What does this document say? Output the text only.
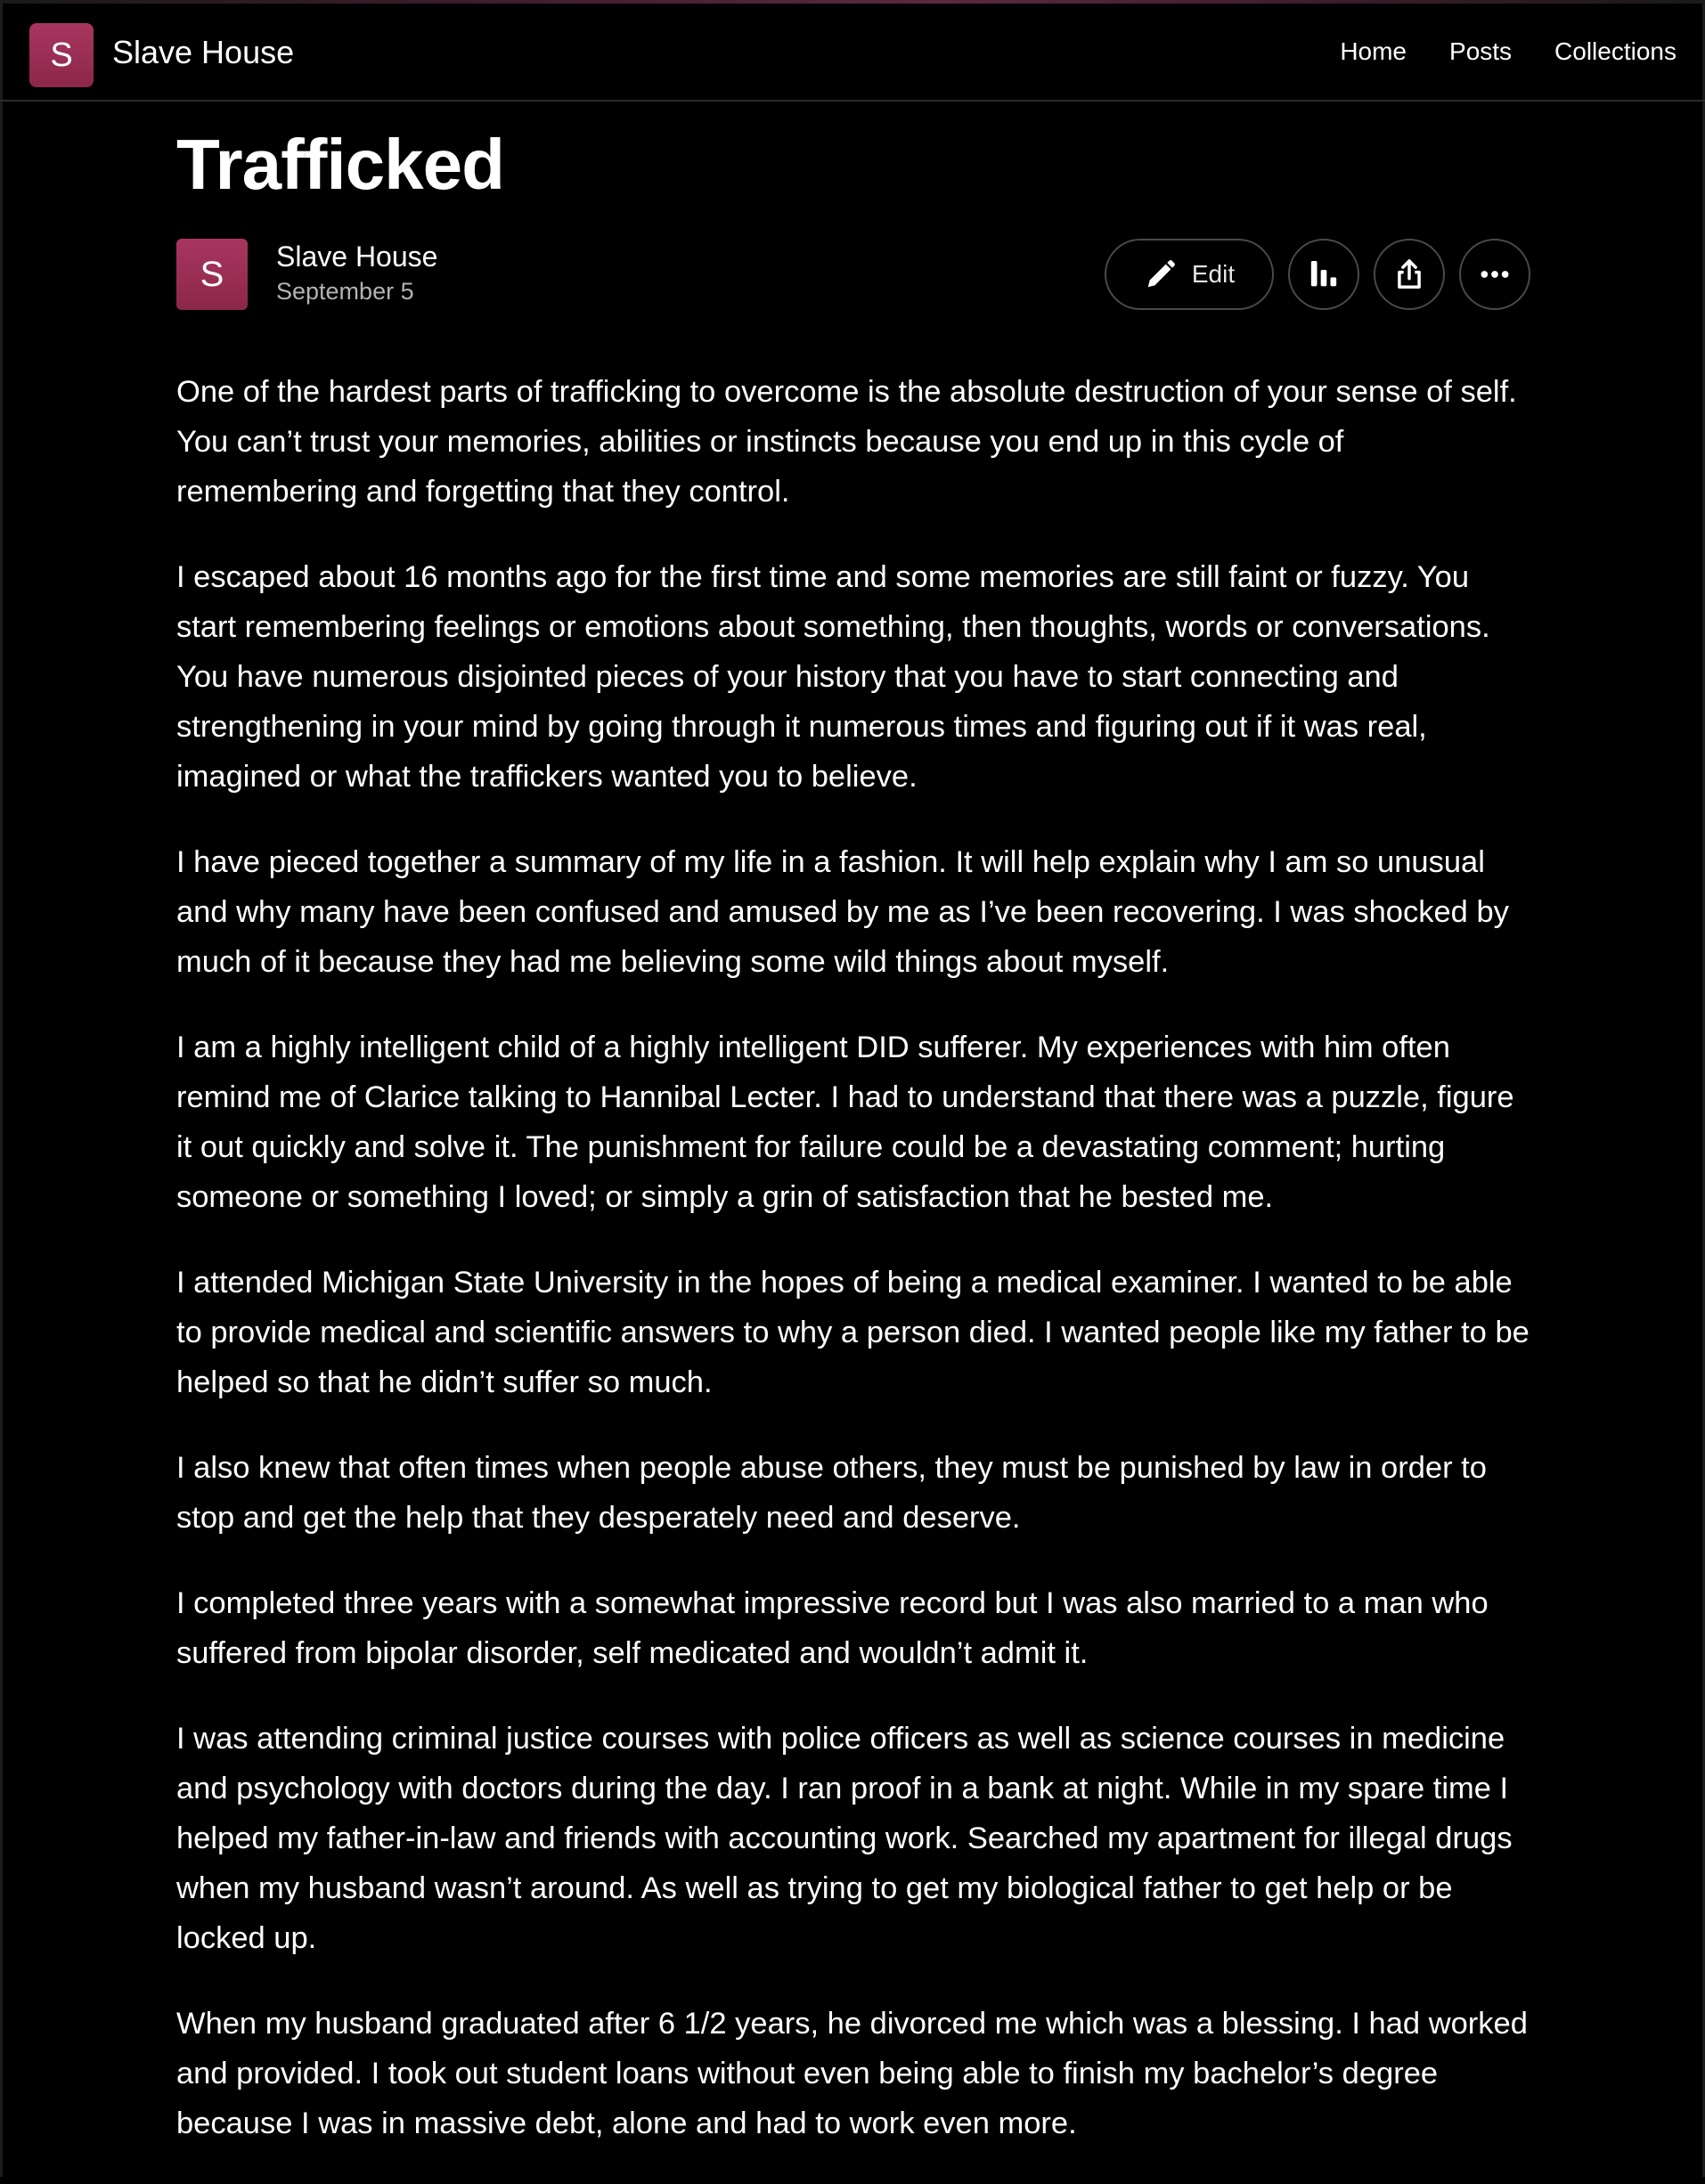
S Slave House	Home Posts Collections
Trafficked
S Slave House
September 5
Edit

One of the hardest parts of trafficking to overcome is the absolute destruction of your sense of self. You can’t trust your memories, abilities or instincts because you end up in this cycle of remembering and forgetting that they control.

I escaped about 16 months ago for the first time and some memories are still faint or fuzzy. You start remembering feelings or emotions about something, then thoughts, words or conversations. You have numerous disjointed pieces of your history that you have to start connecting and strengthening in your mind by going through it numerous times and figuring out if it was real, imagined or what the traffickers wanted you to believe.

I have pieced together a summary of my life in a fashion. It will help explain why I am so unusual and why many have been confused and amused by me as I’ve been recovering. I was shocked by much of it because they had me believing some wild things about myself.

I am a highly intelligent child of a highly intelligent DID sufferer. My experiences with him often remind me of Clarice talking to Hannibal Lecter. I had to understand that there was a puzzle, figure it out quickly and solve it. The punishment for failure could be a devastating comment; hurting someone or something I loved; or simply a grin of satisfaction that he bested me.

I attended Michigan State University in the hopes of being a medical examiner. I wanted to be able to provide medical and scientific answers to why a person died. I wanted people like my father to be helped so that he didn’t suffer so much.

I also knew that often times when people abuse others, they must be punished by law in order to stop and get the help that they desperately need and deserve.

I completed three years with a somewhat impressive record but I was also married to a man who suffered from bipolar disorder, self medicated and wouldn’t admit it.

I was attending criminal justice courses with police officers as well as science courses in medicine and psychology with doctors during the day. I ran proof in a bank at night. While in my spare time I helped my father-in-law and friends with accounting work. Searched my apartment for illegal drugs when my husband wasn’t around. As well as trying to get my biological father to get help or be locked up.

When my husband graduated after 6 1/2 years, he divorced me which was a blessing. I had worked and provided. I took out student loans without even being able to finish my bachelor’s degree because I was in massive debt, alone and had to work even more.
